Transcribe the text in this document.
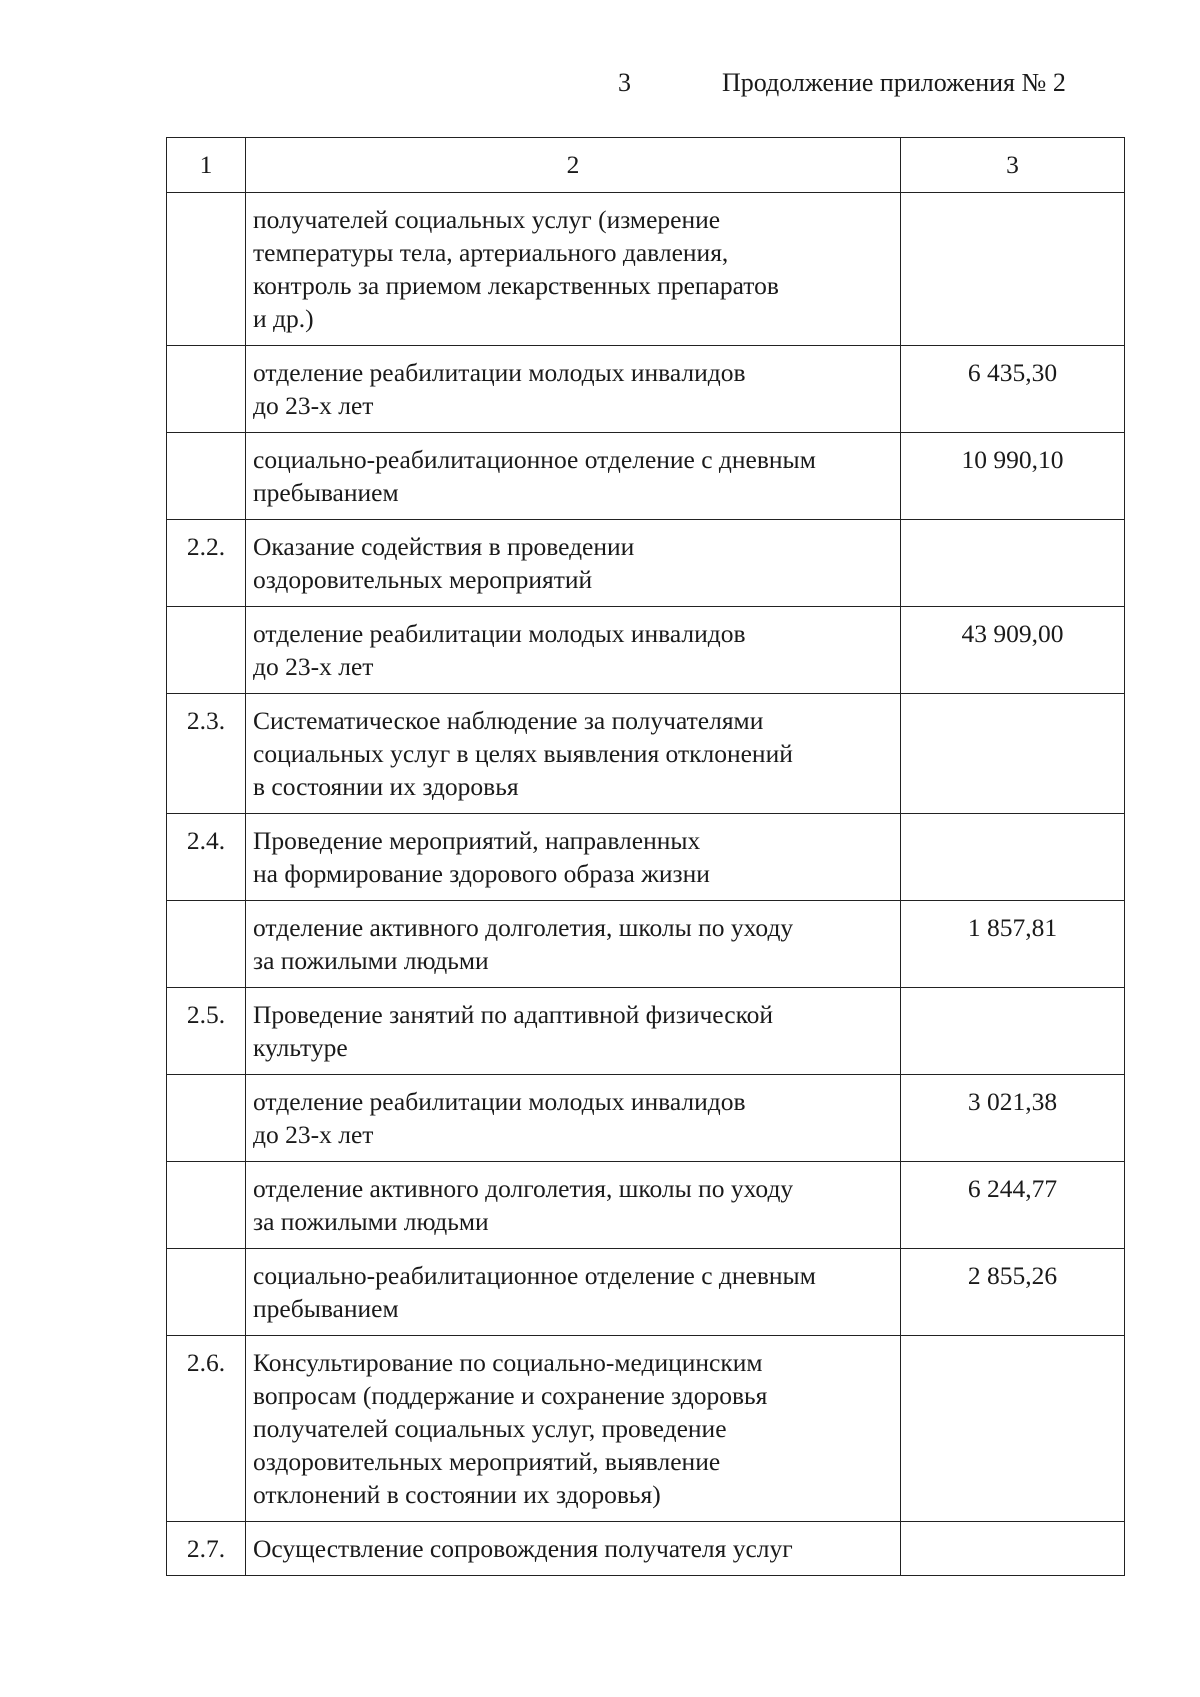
3	Продолжение приложения № 2
1	2	3
	получателей социальных услуг (измерение
температуры тела, артериального давления,
контроль за приемом лекарственных препаратов
и др.)	
	отделение реабилитации молодых инвалидов
до 23-х лет	6 435,30
	социально-реабилитационное отделение с дневным
пребыванием	10 990,10
2.2.	Оказание содействия в проведении
оздоровительных мероприятий	
	отделение реабилитации молодых инвалидов
до 23-х лет	43 909,00
2.3.	Систематическое наблюдение за получателями
социальных услуг в целях выявления отклонений
в состоянии их здоровья	
2.4.	Проведение мероприятий, направленных
на формирование здорового образа жизни	
	отделение активного долголетия, школы по уходу
за пожилыми людьми	1 857,81
2.5.	Проведение занятий по адаптивной физической
культуре	
	отделение реабилитации молодых инвалидов
до 23-х лет	3 021,38
	отделение активного долголетия, школы по уходу
за пожилыми людьми	6 244,77
	социально-реабилитационное отделение с дневным
пребыванием	2 855,26
2.6.	Консультирование по социально-медицинским
вопросам (поддержание и сохранение здоровья
получателей социальных услуг, проведение
оздоровительных мероприятий, выявление
отклонений в состоянии их здоровья)	
2.7.	Осуществление сопровождения получателя услуг	
